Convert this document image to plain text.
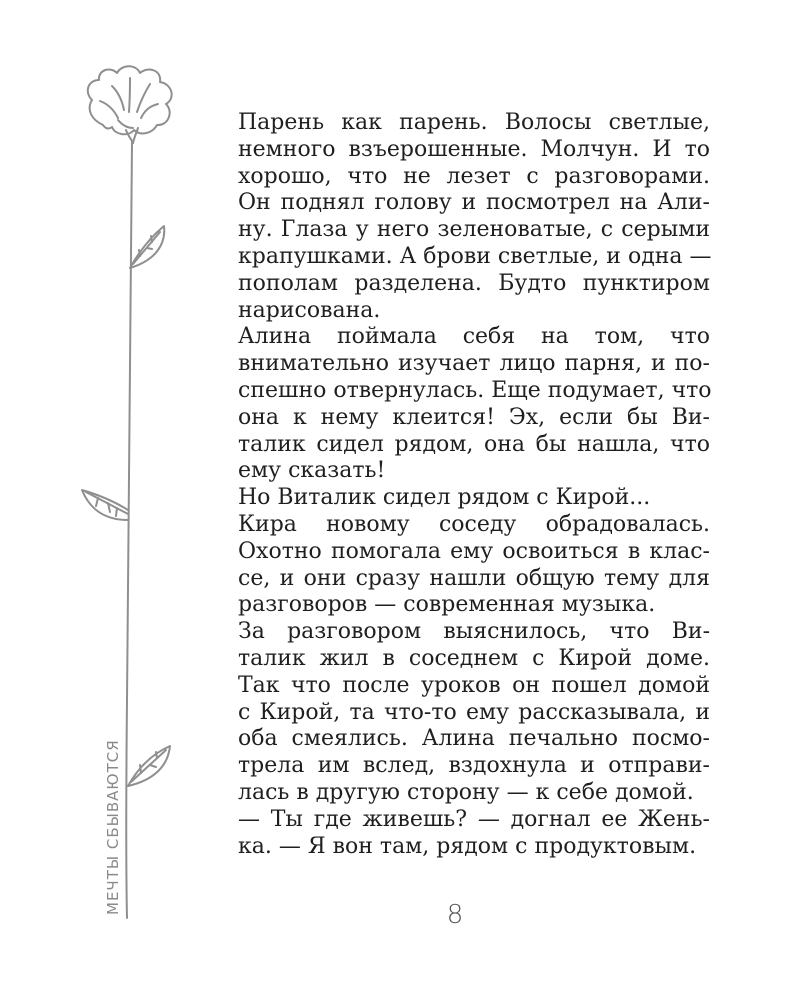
МЕЧТЫ СБЫВАЮТСЯ

Парень как парень. Волосы светлые,
немного взъерошенные. Молчун. И то
хорошо, что не лезет с разговорами.
Он поднял голову и посмотрел на Али-
ну. Глаза у него зеленоватые, с серыми
крапушками. А брови светлые, и одна —
пополам разделена. Будто пунктиром
нарисована.

Алина поймала себя на том, что
внимательно изучает лицо парня, и по-
спешно отвернулась. Еще подумает, что
она к нему клеится! Эх, если бы Ви-
талик сидел рядом, она бы нашла, что
ему сказать!

Но Виталик сидел рядом с Кирой...

Кира новому соседу обрадовалась.
Охотно помогала ему освоиться в клас-
се, и они сразу нашли общую тему для
разговоров — современная музыка.

За разговором выяснилось, что Ви-
талик жил в соседнем с Кирой доме.
Так что после уроков он пошел домой
с Кирой, та что-то ему рассказывала, и
оба смеялись. Алина печально посмо-
трела им вслед, вздохнула и отправи-
лась в другую сторону — к себе домой.

— Ты где живешь? — догнал ее Жень-
ка. — Я вон там, рядом с продуктовым.

8
